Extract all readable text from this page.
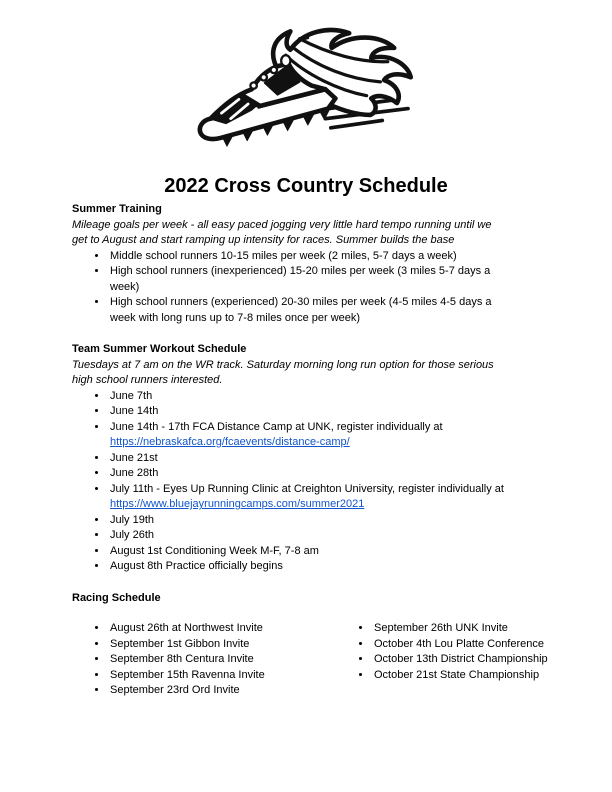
2022 Cross Country Schedule
Summer Training

Mileage goals per week - all easy paced jogging very little hard tempo running until we
get to August and start ramping up intensity for races. Summer builds the base

• Middle school runners 10-15 miles per week (2 miles, 5-7 days a week)
• High school runners (inexperienced) 15-20 miles per week (3 miles 5-7 days a week)
• High school runners (experienced) 20-30 miles per week (4-5 miles 4-5 days a week with long runs up to 7-8 miles once per week)
Team Summer Workout Schedule

Tuesdays at 7 am on the WR track. Saturday morning long run option for those serious
high school runners interested.

• June 7th
• June 14th
• June 14th - 17th FCA Distance Camp at UNK, register individually at https://nebraskafca.org/fcaevents/distance-camp/
• June 21st
• June 28th
• July 11th - Eyes Up Running Clinic at Creighton University, register individually at https://www.bluejayrunningcamps.com/summer2021
• July 19th
• July 26th
• August 1st Conditioning Week M-F, 7-8 am
• August 8th Practice officially begins
Racing Schedule
• August 26th at Northwest Invite
• September 1st Gibbon Invite
• September 8th Centura Invite
• September 15th Ravenna Invite
• September 23rd Ord Invite
• September 26th UNK Invite
• October 4th Lou Platte Conference
• October 13th District Championship
• October 21st State Championship
